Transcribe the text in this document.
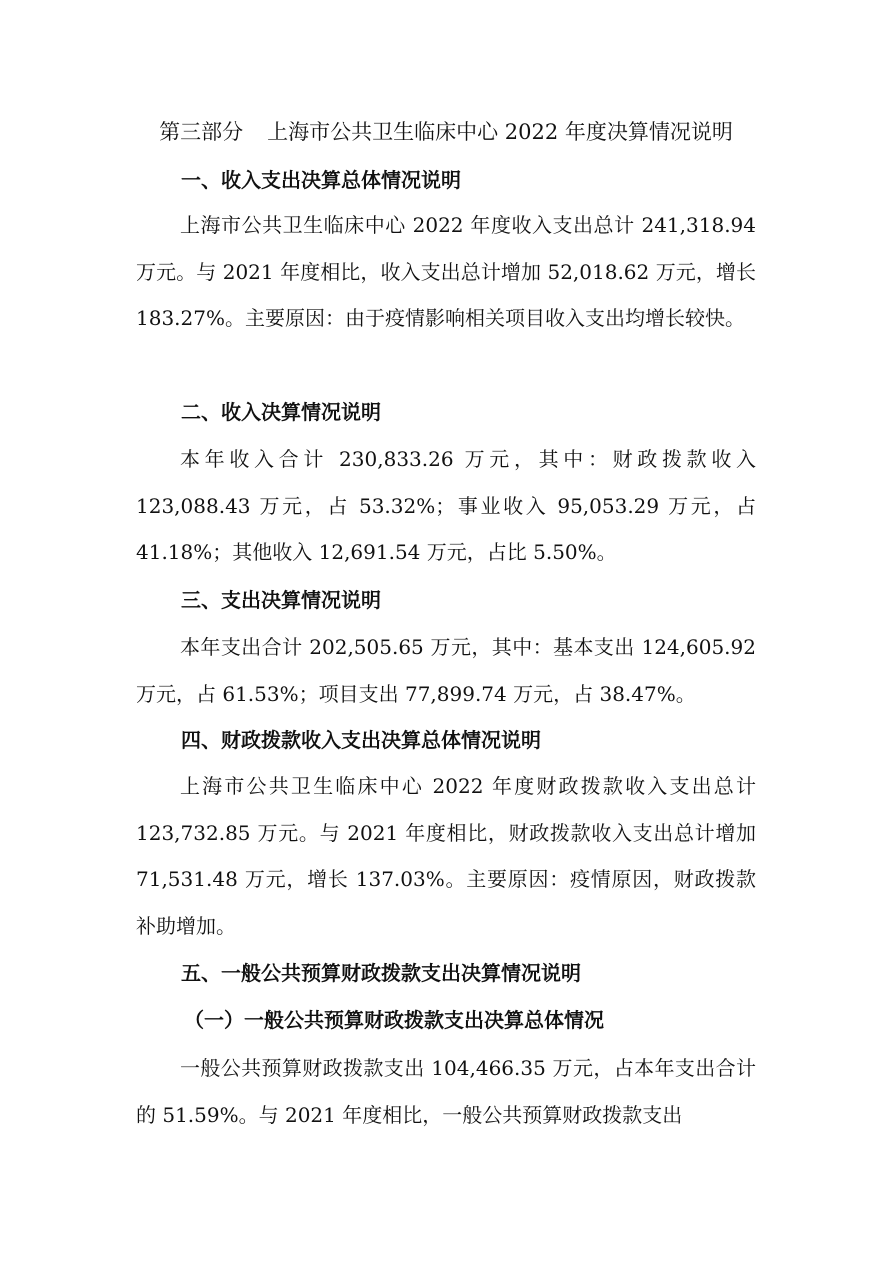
第三部分 上海市公共卫生临床中心 2022 年度决算情况说明
一、收入支出决算总体情况说明
上海市公共卫生临床中心 2022 年度收入支出总计 241,318.94 万元。与 2021 年度相比，收入支出总计增加 52,018.62 万元，增长 183.27%。主要原因：由于疫情影响相关项目收入支出均增长较快。
二、收入决算情况说明
本年收入合计 230,833.26 万元，其中：财政拨款收入 123,088.43 万元，占 53.32%；事业收入 95,053.29 万元，占 41.18%；其他收入 12,691.54 万元，占比 5.50%。
三、支出决算情况说明
本年支出合计 202,505.65 万元，其中：基本支出 124,605.92 万元，占 61.53%；项目支出 77,899.74 万元，占 38.47%。
四、财政拨款收入支出决算总体情况说明
上海市公共卫生临床中心 2022 年度财政拨款收入支出总计 123,732.85 万元。与 2021 年度相比，财政拨款收入支出总计增加 71,531.48 万元，增长 137.03%。主要原因：疫情原因，财政拨款补助增加。
五、一般公共预算财政拨款支出决算情况说明
（一）一般公共预算财政拨款支出决算总体情况
一般公共预算财政拨款支出 104,466.35 万元，占本年支出合计的 51.59%。与 2021 年度相比，一般公共预算财政拨款支出
